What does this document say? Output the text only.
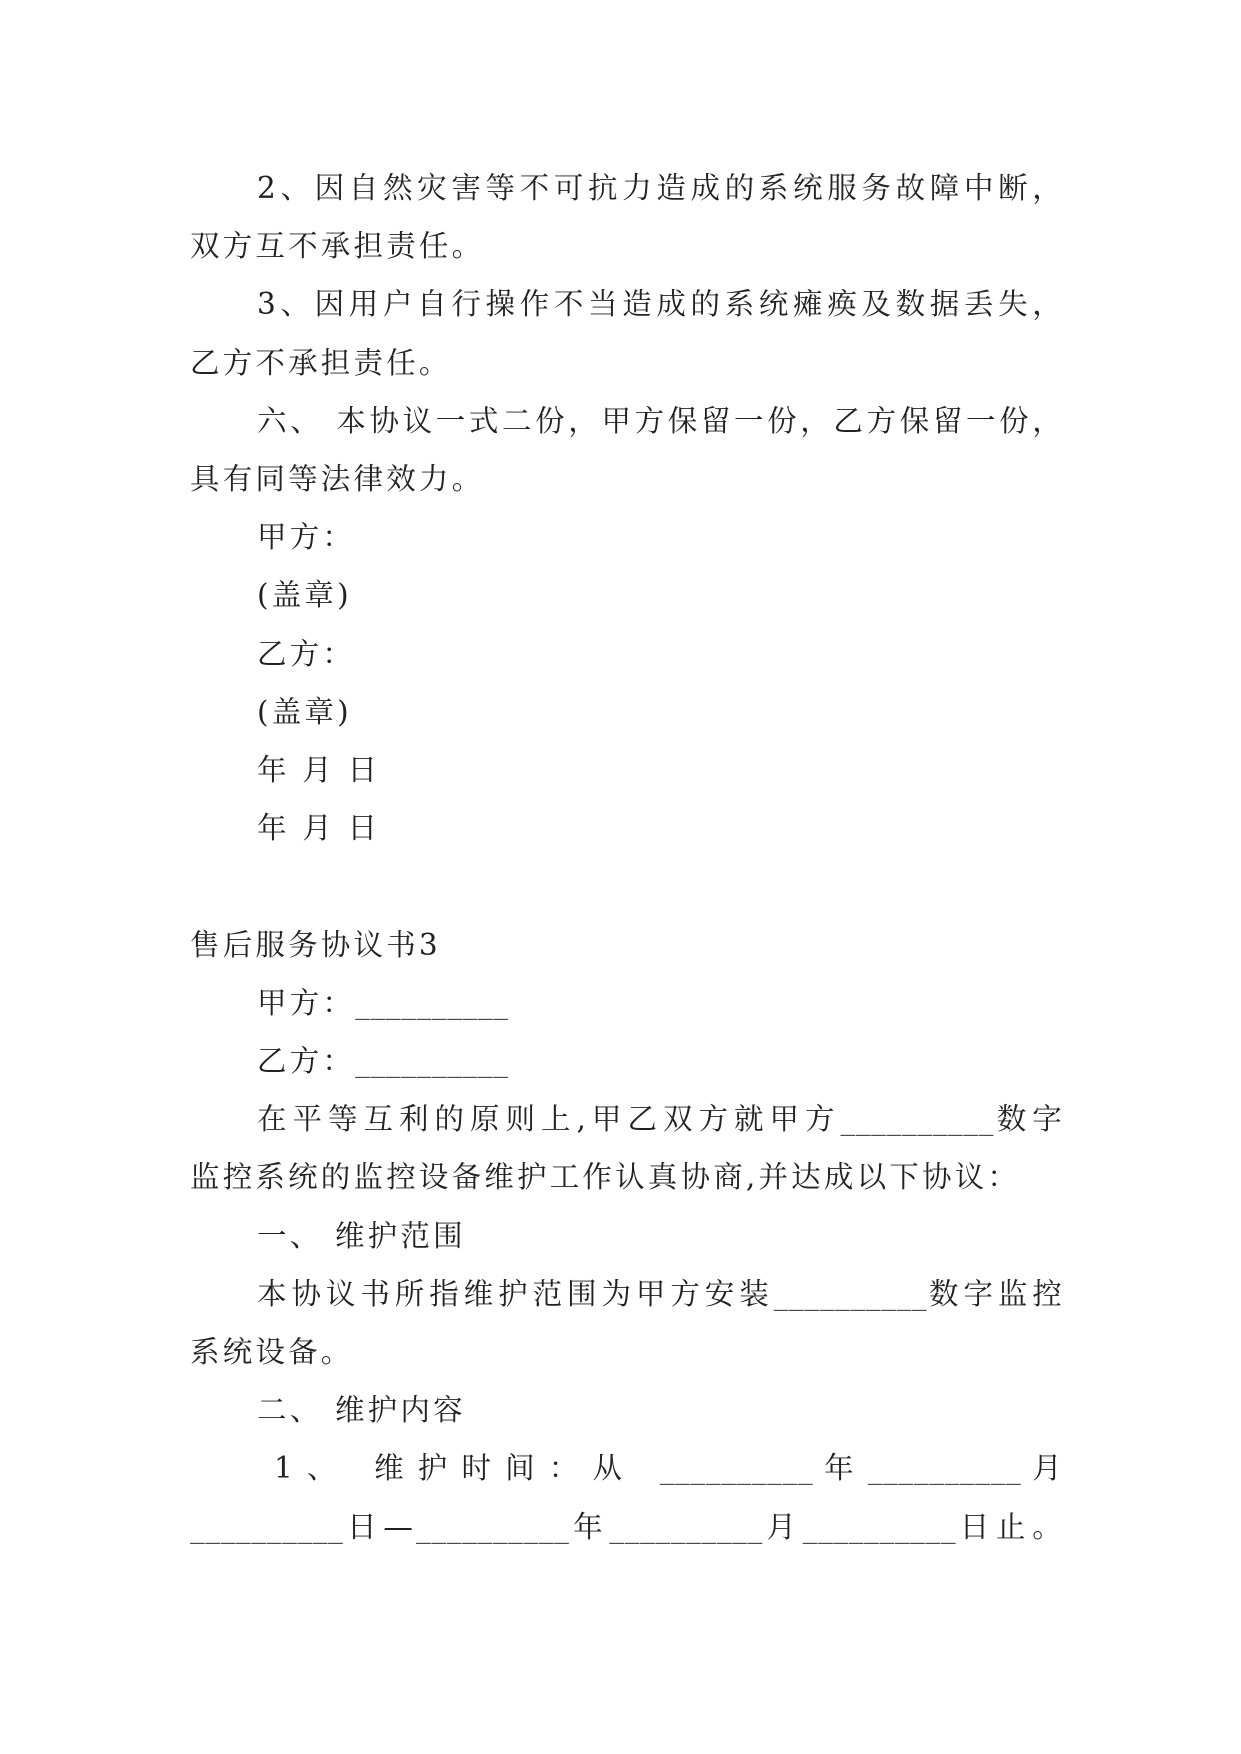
2、因自然灾害等不可抗力造成的系统服务故障中断，
双方互不承担责任。
3、因用户自行操作不当造成的系统瘫痪及数据丢失，
乙方不承担责任。
六、 本协议一式二份，甲方保留一份，乙方保留一份，
具有同等法律效力。
甲方：
(盖章)
乙方：
(盖章)
年 月 日
年 月 日
售后服务协议书3
甲方：__________
乙方：__________
在平等互利的原则上,甲乙双方就甲方__________数字
监控系统的监控设备维护工作认真协商,并达成以下协议：
一、 维护范围
本协议书所指维护范围为甲方安装__________数字监控
系统设备。
二、 维护内容
1、 维护时间：从 __________年__________月
__________日—__________年__________月__________日止。
